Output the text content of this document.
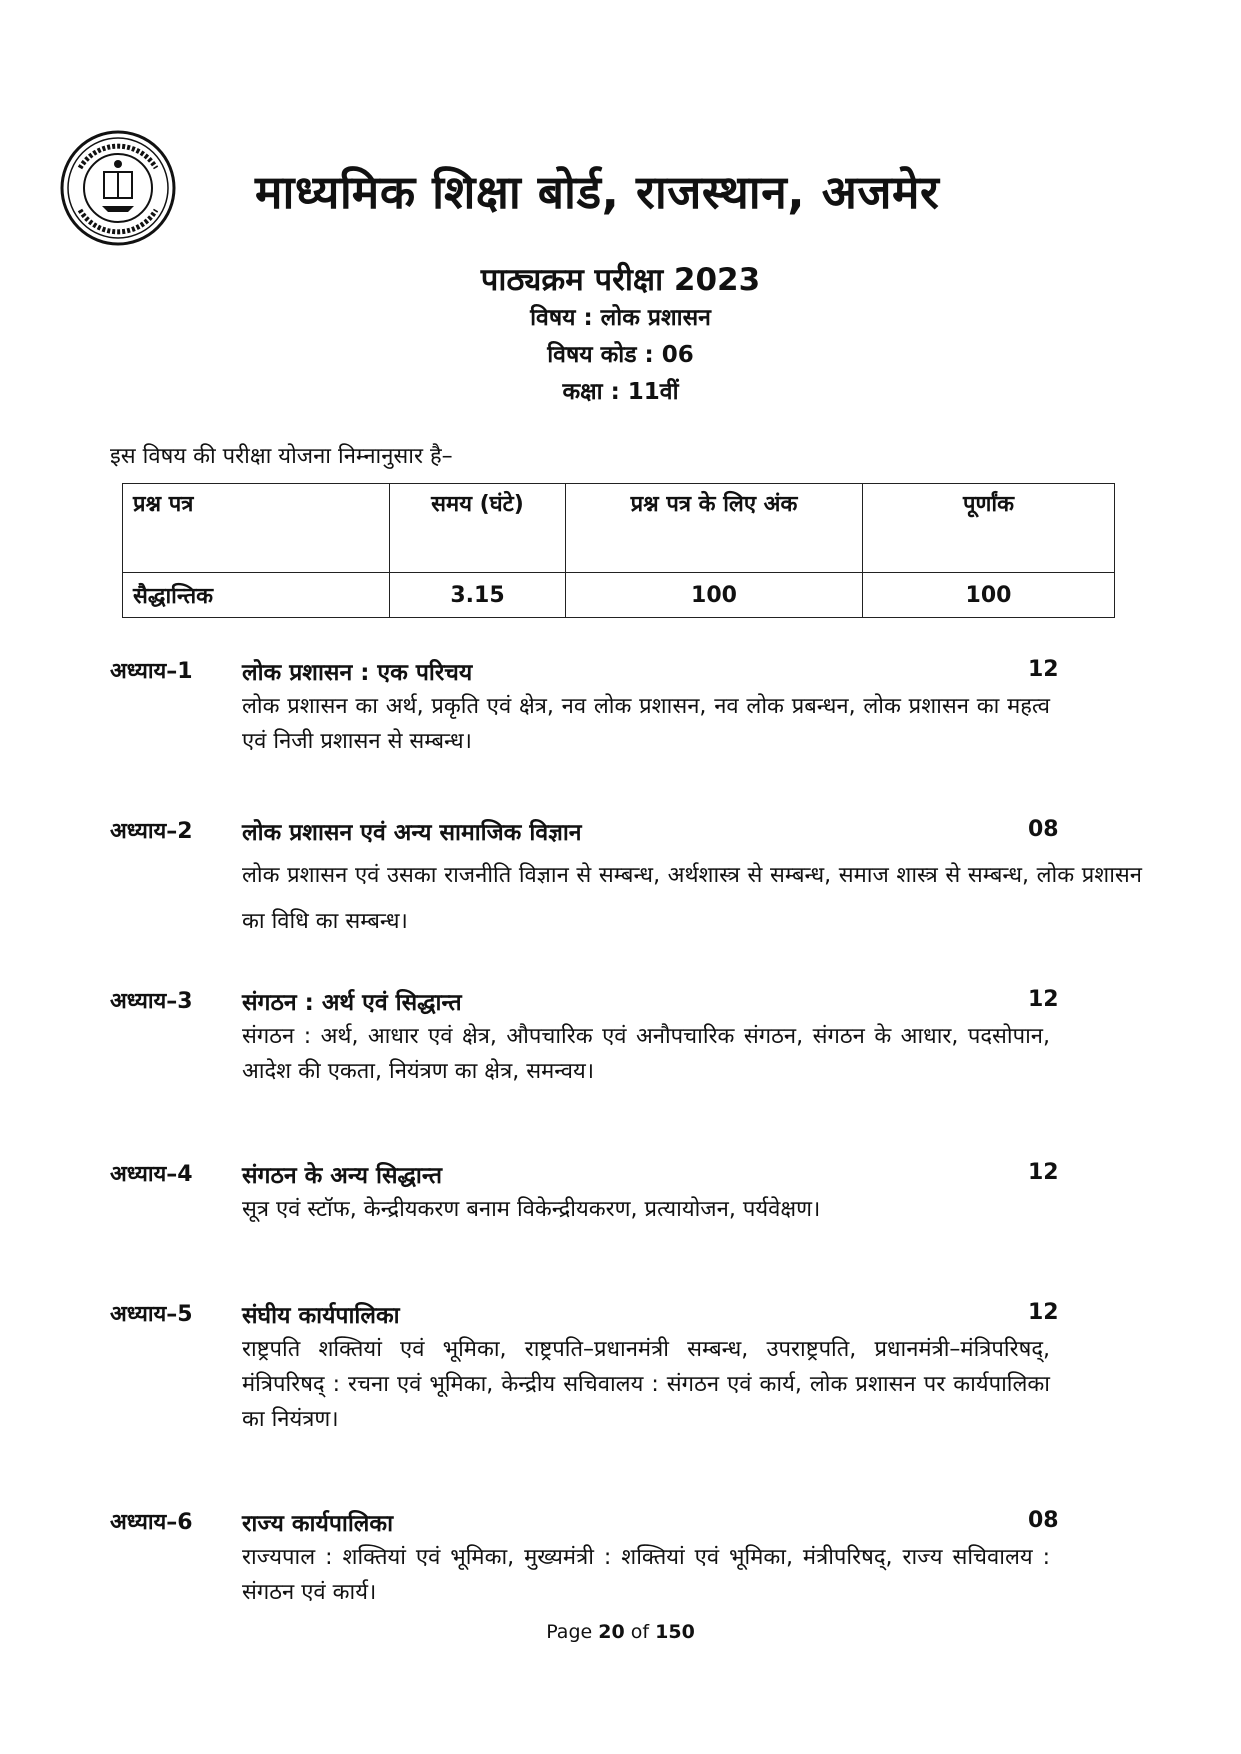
माध्यमिक शिक्षा बोर्ड, राजस्थान, अजमेर
पाठ्यक्रम परीक्षा 2023
विषय : लोक प्रशासन
विषय कोड : 06
कक्षा : 11वीं
इस विषय की परीक्षा योजना निम्नानुसार है–
प्रश्न पत्र	समय (घंटे)	प्रश्न पत्र के लिए अंक	पूर्णांक
सैद्धान्तिक	3.15	100	100
अध्याय–1 लोक प्रशासन : एक परिचय	12
लोक प्रशासन का अर्थ, प्रकृति एवं क्षेत्र, नव लोक प्रशासन, नव लोक प्रबन्धन, लोक प्रशासन का महत्व एवं निजी प्रशासन से सम्बन्ध।
अध्याय–2 लोक प्रशासन एवं अन्य सामाजिक विज्ञान	08
लोक प्रशासन एवं उसका राजनीति विज्ञान से सम्बन्ध, अर्थशास्त्र से सम्बन्ध, समाज शास्त्र से सम्बन्ध, लोक प्रशासन का विधि का सम्बन्ध।
अध्याय–3 संगठन : अर्थ एवं सिद्धान्त	12
संगठन : अर्थ, आधार एवं क्षेत्र, औपचारिक एवं अनौपचारिक संगठन, संगठन के आधार, पदसोपान, आदेश की एकता, नियंत्रण का क्षेत्र, समन्वय।
अध्याय–4 संगठन के अन्य सिद्धान्त	12
सूत्र एवं स्टॉफ, केन्द्रीयकरण बनाम विकेन्द्रीयकरण, प्रत्यायोजन, पर्यवेक्षण।
अध्याय–5 संघीय कार्यपालिका	12
राष्ट्रपति शक्तियां एवं भूमिका, राष्ट्रपति–प्रधानमंत्री सम्बन्ध, उपराष्ट्रपति, प्रधानमंत्री–मंत्रिपरिषद्, मंत्रिपरिषद् : रचना एवं भूमिका, केन्द्रीय सचिवालय : संगठन एवं कार्य, लोक प्रशासन पर कार्यपालिका का नियंत्रण।
अध्याय–6 राज्य कार्यपालिका	08
राज्यपाल : शक्तियां एवं भूमिका, मुख्यमंत्री : शक्तियां एवं भूमिका, मंत्रीपरिषद्, राज्य सचिवालय : संगठन एवं कार्य।
Page 20 of 150
